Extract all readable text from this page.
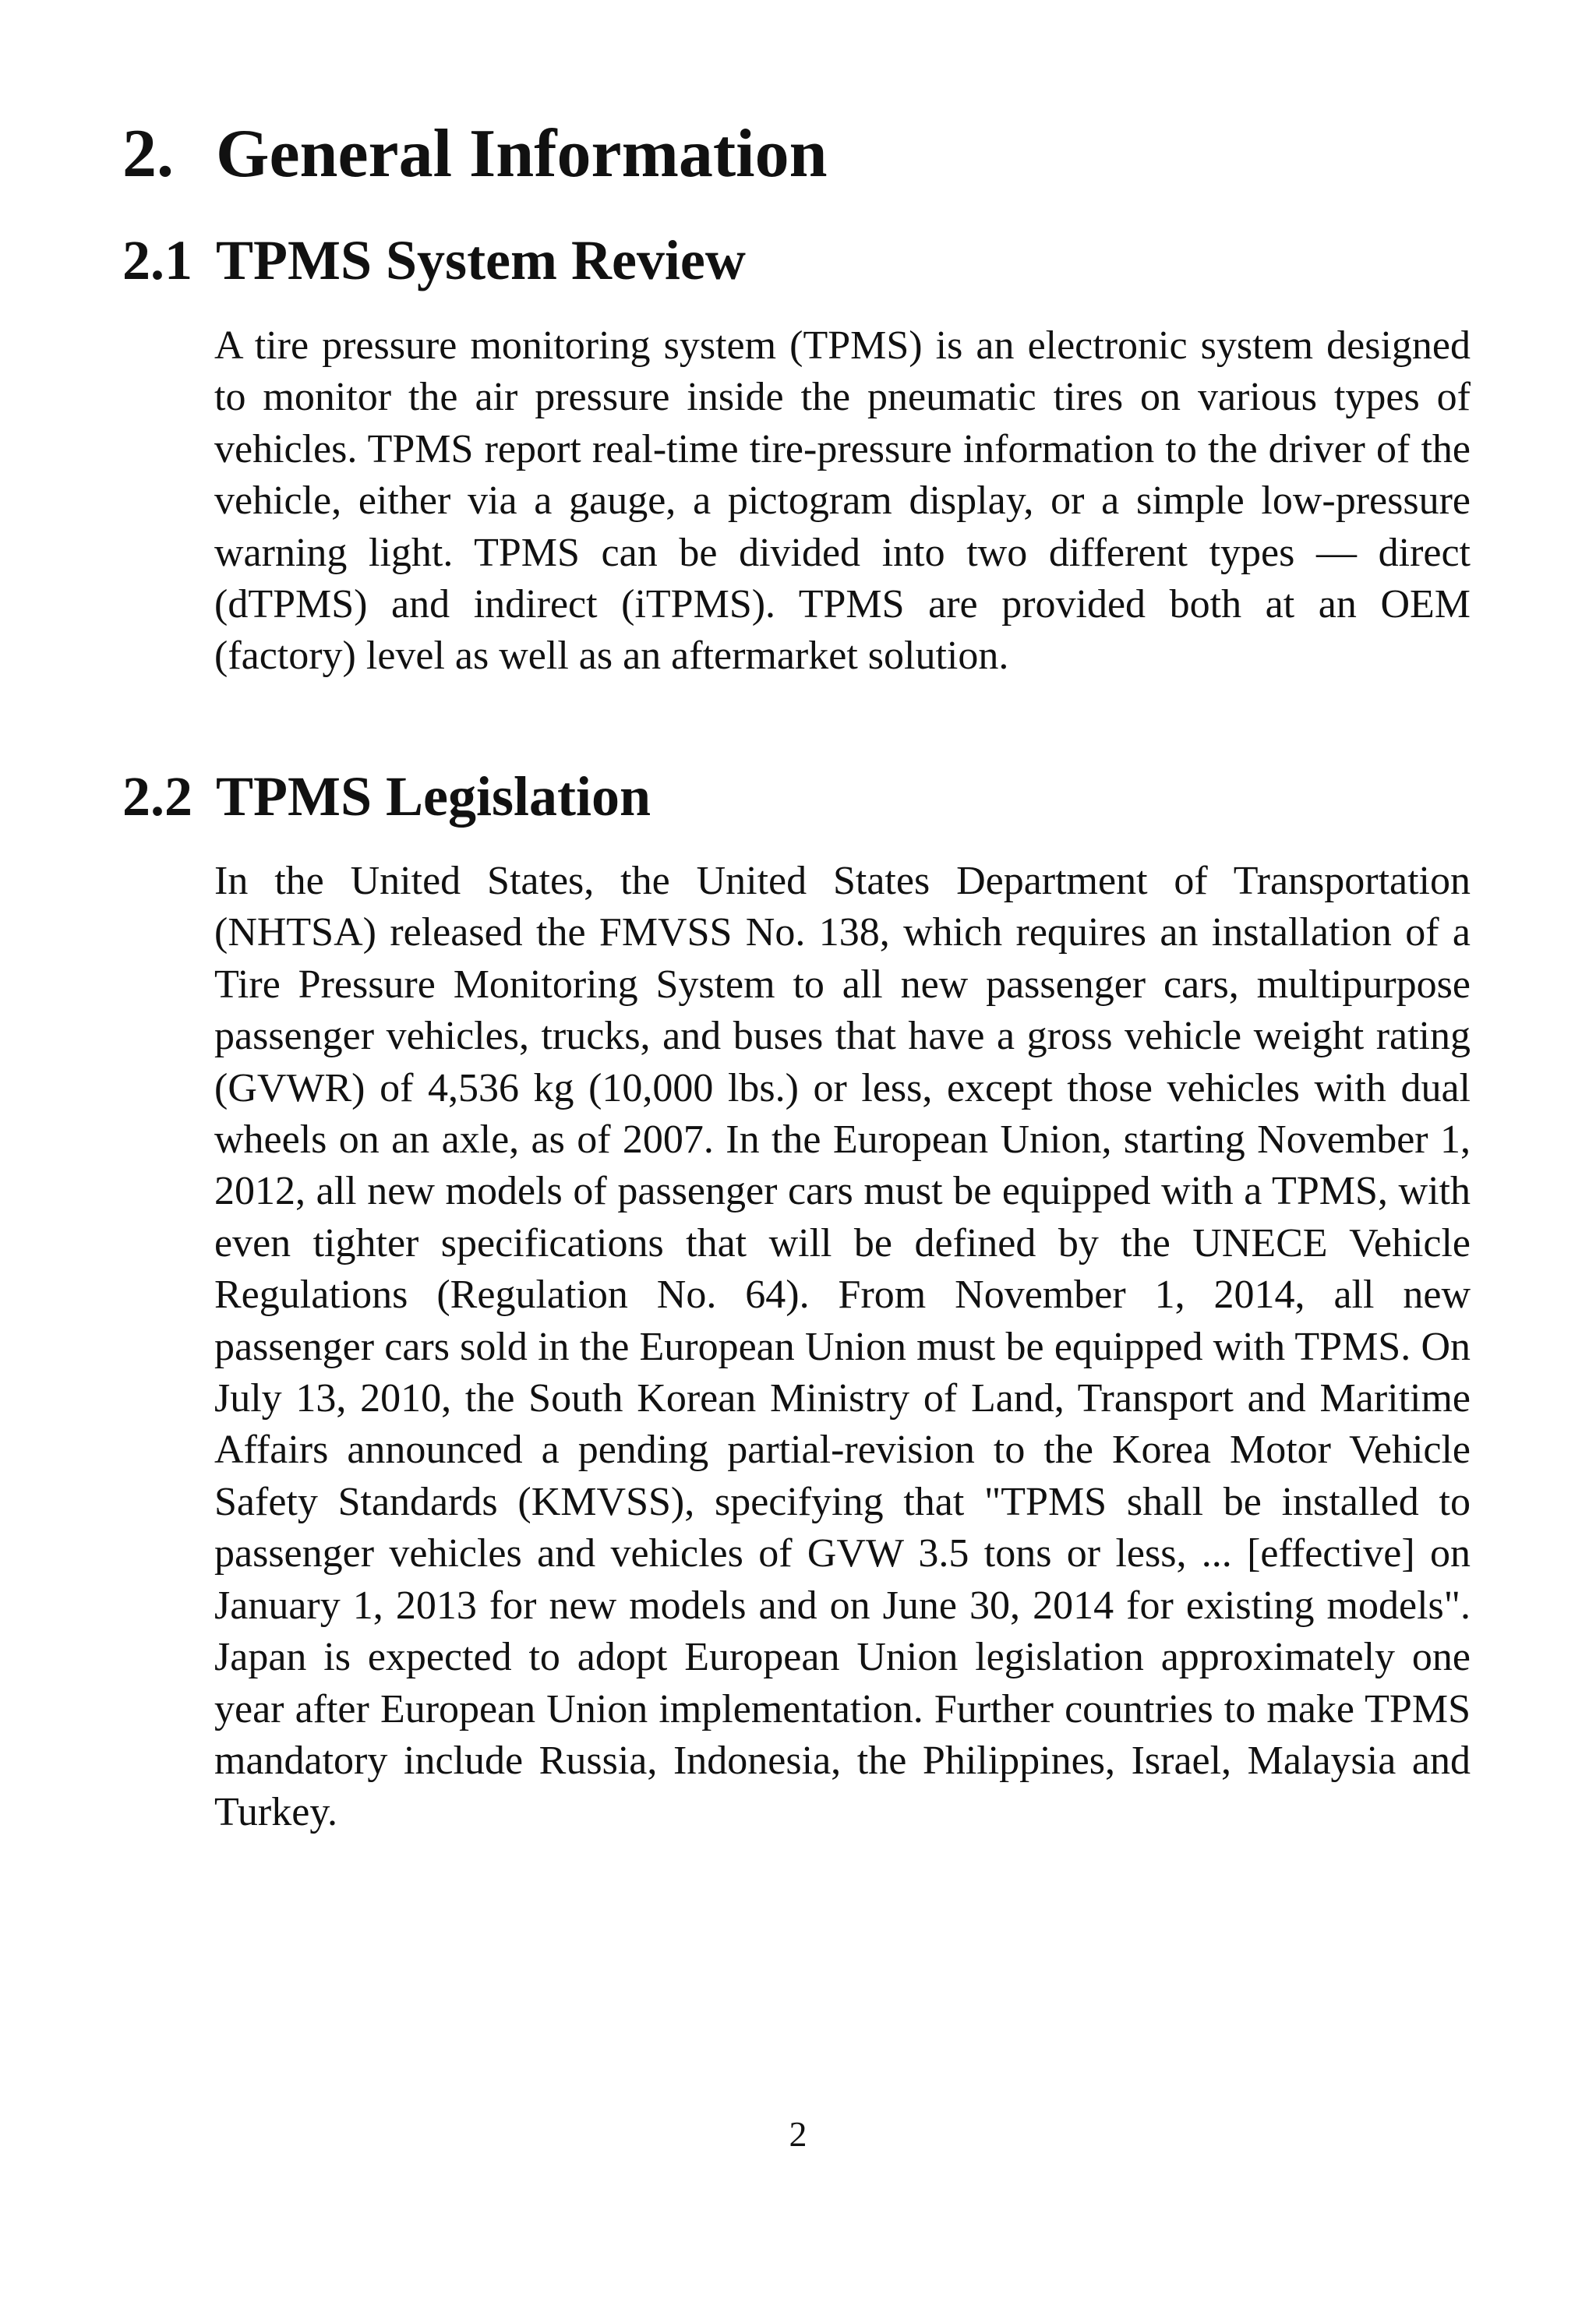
2. General Information
2.1 TPMS System Review

A tire pressure monitoring system (TPMS) is an electronic system designed to monitor the air pressure inside the pneumatic tires on various types of vehicles. TPMS report real-time tire-pressure information to the driver of the vehicle, either via a gauge, a pictogram display, or a simple low-pressure warning light. TPMS can be divided into two different types — direct (dTPMS) and indirect (iTPMS). TPMS are provided both at an OEM (factory) level as well as an aftermarket solution.

2.2 TPMS Legislation

In the United States, the United States Department of Transportation (NHTSA) released the FMVSS No. 138, which requires an installation of a Tire Pressure Monitoring System to all new passenger cars, multipurpose passenger vehicles, trucks, and buses that have a gross vehicle weight rating (GVWR) of 4,536 kg (10,000 lbs.) or less, except those vehicles with dual wheels on an axle, as of 2007. In the European Union, starting November 1, 2012, all new models of passenger cars must be equipped with a TPMS, with even tighter specifications that will be defined by the UNECE Vehicle Regulations (Regulation No. 64). From November 1, 2014, all new passenger cars sold in the European Union must be equipped with TPMS. On July 13, 2010, the South Korean Ministry of Land, Transport and Maritime Affairs announced a pending partial-revision to the Korea Motor Vehicle Safety Standards (KMVSS), specifying that "TPMS shall be installed to passenger vehicles and vehicles of GVW 3.5 tons or less, ... [effective] on January 1, 2013 for new models and on June 30, 2014 for existing models". Japan is expected to adopt European Union legislation approximately one year after European Union implementation. Further countries to make TPMS mandatory include Russia, Indonesia, the Philippines, Israel, Malaysia and Turkey.

2
